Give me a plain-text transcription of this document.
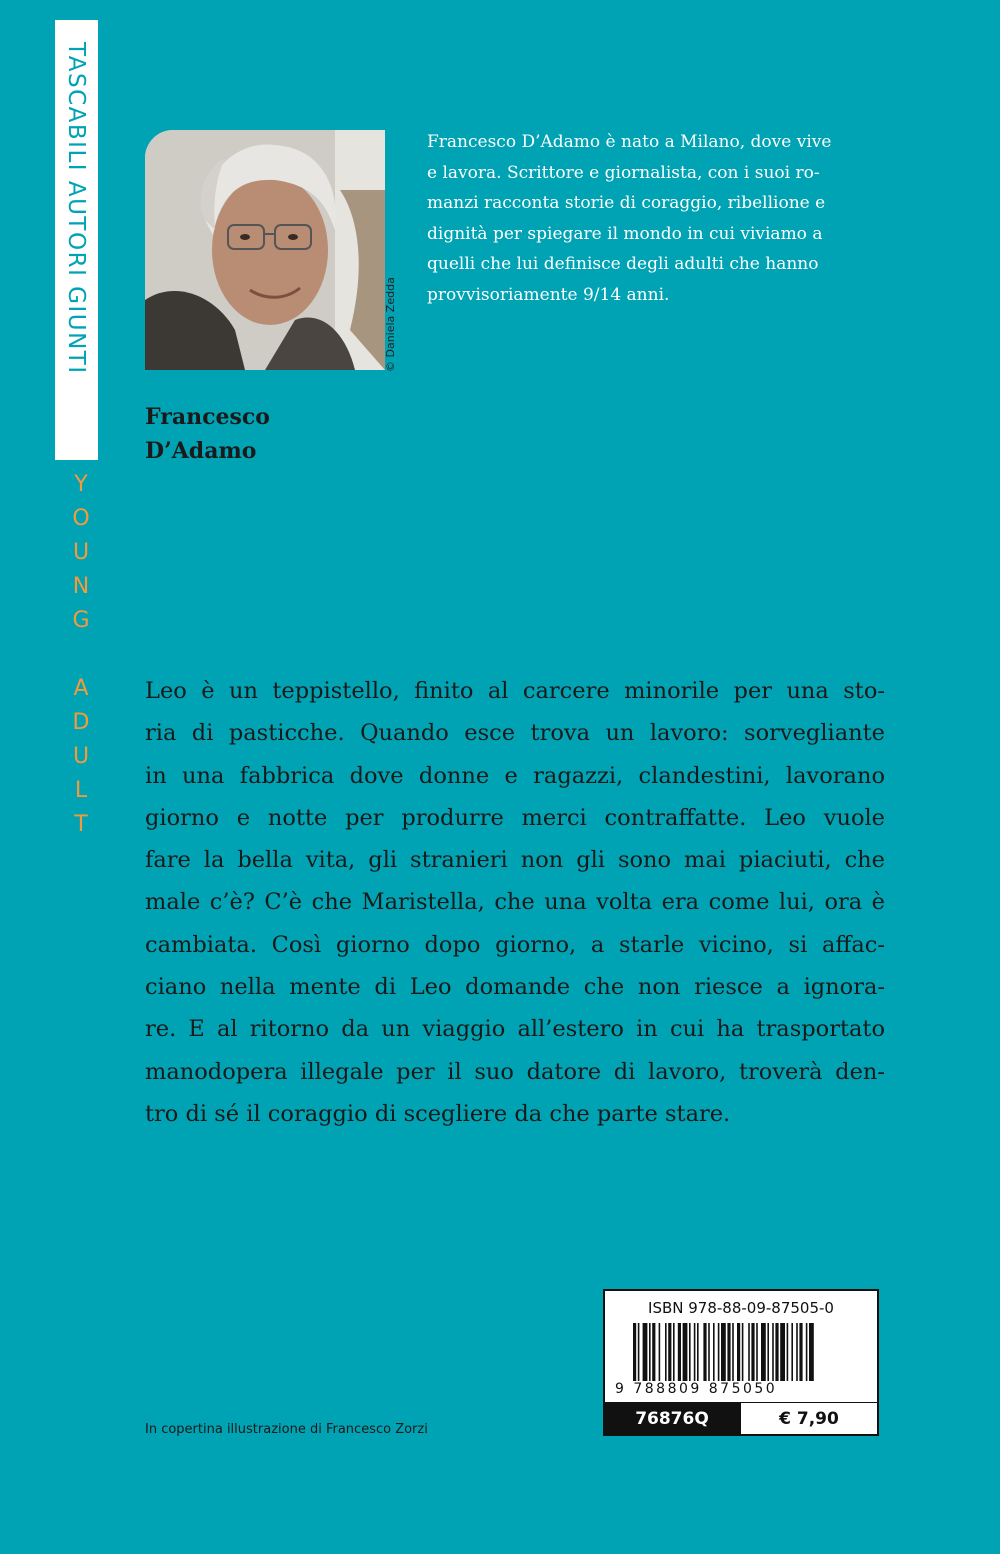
TASCABILI AUTORI GIUNTI
Y
O
U
N
G
A
D
U
L
T
© Daniela Zedda
Francesco
D’Adamo
Francesco D’Adamo è nato a Milano, dove vive
e lavora. Scrittore e giornalista, con i suoi ro-
manzi racconta storie di coraggio, ribellione e
dignità per spiegare il mondo in cui viviamo a
quelli che lui definisce degli adulti che hanno
provvisoriamente 9/14 anni.
Leo è un teppistello, finito al carcere minorile per una sto-
ria di pasticche. Quando esce trova un lavoro: sorvegliante
in una fabbrica dove donne e ragazzi, clandestini, lavorano
giorno e notte per produrre merci contraffatte. Leo vuole
fare la bella vita, gli stranieri non gli sono mai piaciuti, che
male c’è? C’è che Maristella, che una volta era come lui, ora è
cambiata. Così giorno dopo giorno, a starle vicino, si affac-
ciano nella mente di Leo domande che non riesce a ignora-
re. E al ritorno da un viaggio all’estero in cui ha trasportato
manodopera illegale per il suo datore di lavoro, troverà den-
tro di sé il coraggio di scegliere da che parte stare.
In copertina illustrazione di Francesco Zorzi
ISBN 978-88-09-87505-0
9 788809 875050
76876Q	€ 7,90
